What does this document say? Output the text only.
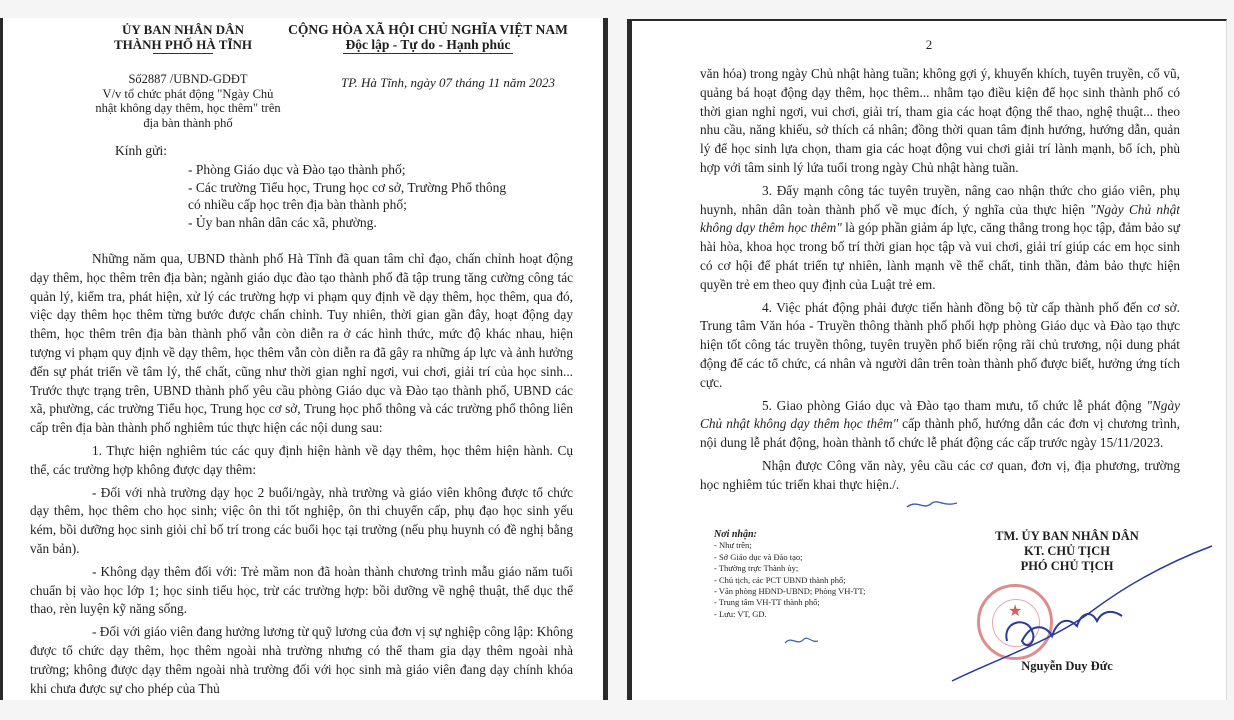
ỦY BAN NHÂN DÂN
THÀNH PHỐ HÀ TĨNH
CỘNG HÒA XÃ HỘI CHỦ NGHĨA VIỆT NAM
Độc lập - Tự do - Hạnh phúc
Số2887 /UBND-GDĐT
V/v tổ chức phát động "Ngày Chủ
nhật không dạy thêm, học thêm" trên
địa bàn thành phố
TP. Hà Tĩnh, ngày 07 tháng 11 năm 2023
Kính gửi:
- Phòng Giáo dục và Đào tạo thành phố;
- Các trường Tiểu học, Trung học cơ sở, Trường Phổ thông
có nhiều cấp học trên địa bàn thành phố;
- Ủy ban nhân dân các xã, phường.

Những năm qua, UBND thành phố Hà Tĩnh đã quan tâm chỉ đạo, chấn chỉnh hoạt động dạy thêm, học thêm trên địa bàn; ngành giáo dục đào tạo thành phố đã tập trung tăng cường công tác quản lý, kiểm tra, phát hiện, xử lý các trường hợp vi phạm quy định về dạy thêm, học thêm, qua đó, việc dạy thêm học thêm từng bước được chấn chỉnh. Tuy nhiên, thời gian gần đây, hoạt động dạy thêm, học thêm trên địa bàn thành phố vẫn còn diễn ra ở các hình thức, mức độ khác nhau, hiện tượng vi phạm quy định về dạy thêm, học thêm vẫn còn diễn ra đã gây ra những áp lực và ảnh hưởng đến sự phát triển về tâm lý, thể chất, cũng như thời gian nghỉ ngơi, vui chơi, giải trí của học sinh... Trước thực trạng trên, UBND thành phố yêu cầu phòng Giáo dục và Đào tạo thành phố, UBND các xã, phường, các trường Tiểu học, Trung học cơ sở, Trung học phổ thông và các trường phổ thông liên cấp trên địa bàn thành phố nghiêm túc thực hiện các nội dung sau:

1. Thực hiện nghiêm túc các quy định hiện hành về dạy thêm, học thêm hiện hành. Cụ thể, các trường hợp không được dạy thêm:

- Đối với nhà trường dạy học 2 buổi/ngày, nhà trường và giáo viên không được tổ chức dạy thêm, học thêm cho học sinh; việc ôn thi tốt nghiệp, ôn thi chuyển cấp, phụ đạo học sinh yếu kém, bồi dưỡng học sinh giỏi chỉ bố trí trong các buổi học tại trường (nếu phụ huynh có đề nghị bằng văn bản).

- Không dạy thêm đối với: Trẻ mầm non đã hoàn thành chương trình mẫu giáo năm tuổi chuẩn bị vào học lớp 1; học sinh tiểu học, trừ các trường hợp: bồi dưỡng về nghệ thuật, thể dục thể thao, rèn luyện kỹ năng sống.

- Đối với giáo viên đang hưởng lương từ quỹ lương của đơn vị sự nghiệp công lập: Không được tổ chức dạy thêm, học thêm ngoài nhà trường nhưng có thể tham gia dạy thêm ngoài nhà trường; không được dạy thêm ngoài nhà trường đối với học sinh mà giáo viên đang dạy chính khóa khi chưa được sự cho phép của Thủ

2

văn hóa) trong ngày Chủ nhật hàng tuần; không gợi ý, khuyến khích, tuyên truyền, cổ vũ, quảng bá hoạt động dạy thêm, học thêm... nhằm tạo điều kiện để học sinh thành phố có thời gian nghỉ ngơi, vui chơi, giải trí, tham gia các hoạt động thể thao, nghệ thuật... theo nhu cầu, năng khiếu, sở thích cá nhân; đồng thời quan tâm định hướng, hướng dẫn, quản lý để học sinh lựa chọn, tham gia các hoạt động vui chơi giải trí lành mạnh, bổ ích, phù hợp với tâm sinh lý lứa tuổi trong ngày Chủ nhật hàng tuần.

3. Đẩy mạnh công tác tuyên truyền, nâng cao nhận thức cho giáo viên, phụ huynh, nhân dân toàn thành phố về mục đích, ý nghĩa của thực hiện "Ngày Chủ nhật không dạy thêm học thêm" là góp phần giảm áp lực, căng thẳng trong học tập, đảm bảo sự hài hòa, khoa học trong bố trí thời gian học tập và vui chơi, giải trí giúp các em học sinh có cơ hội để phát triển tự nhiên, lành mạnh về thể chất, tinh thần, đảm bảo thực hiện quyền trẻ em theo quy định của Luật trẻ em.

4. Việc phát động phải được tiến hành đồng bộ từ cấp thành phố đến cơ sở. Trung tâm Văn hóa - Truyền thông thành phố phối hợp phòng Giáo dục và Đào tạo thực hiện tốt công tác truyền thông, tuyên truyền phổ biến rộng rãi chủ trương, nội dung phát động để các tổ chức, cá nhân và người dân trên toàn thành phố được biết, hưởng ứng tích cực.

5. Giao phòng Giáo dục và Đào tạo tham mưu, tổ chức lễ phát động "Ngày Chủ nhật không dạy thêm học thêm" cấp thành phố, hướng dẫn các đơn vị chương trình, nội dung lễ phát động, hoàn thành tổ chức lễ phát động các cấp trước ngày 15/11/2023.

Nhận được Công văn này, yêu cầu các cơ quan, đơn vị, địa phương, trường học nghiêm túc triển khai thực hiện./.

Nơi nhận:
- Như trên;
- Sở Giáo dục và Đào tạo;
- Thường trực Thành ủy;
- Chủ tịch, các PCT UBND thành phố;
- Văn phòng HĐND-UBND; Phòng VH-TT;
- Trung tâm VH-TT thành phố;
- Lưu: VT, GD.
TM. ỦY BAN NHÂN DÂN
KT. CHỦ TỊCH
PHÓ CHỦ TỊCH
★
Nguyễn Duy Đức
